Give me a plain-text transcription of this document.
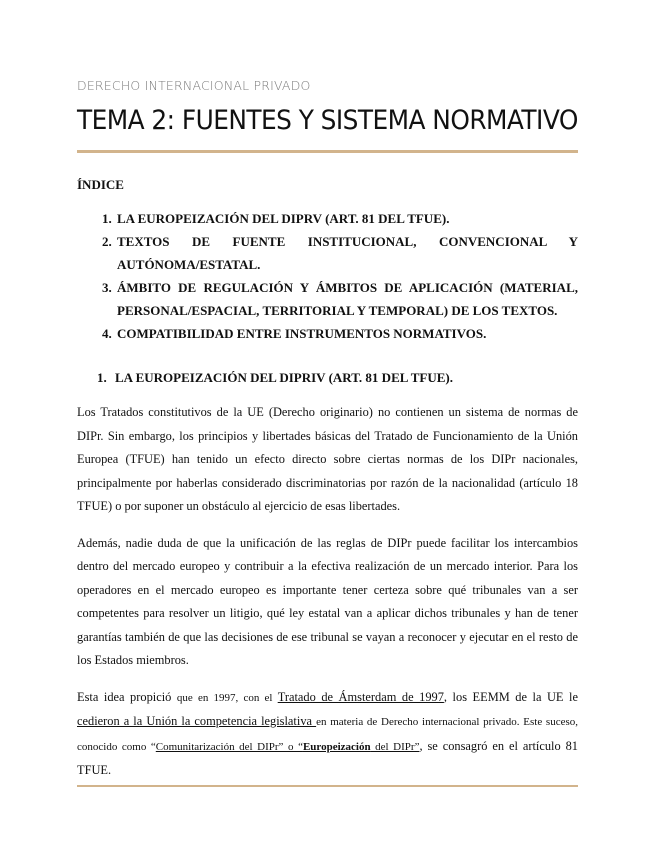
DERECHO INTERNACIONAL PRIVADO

TEMA 2: FUENTES Y SISTEMA NORMATIVO

ÍNDICE

1. LA EUROPEIZACIÓN DEL DIPRV (ART. 81 DEL TFUE).
2. TEXTOS DE FUENTE INSTITUCIONAL, CONVENCIONAL Y AUTÓNOMA/ESTATAL.
3. ÁMBITO DE REGULACIÓN Y ÁMBITOS DE APLICACIÓN (MATERIAL, PERSONAL/ESPACIAL, TERRITORIAL Y TEMPORAL) DE LOS TEXTOS.
4. COMPATIBILIDAD ENTRE INSTRUMENTOS NORMATIVOS.

1. LA EUROPEIZACIÓN DEL DIPRIV (ART. 81 DEL TFUE).

Los Tratados constitutivos de la UE (Derecho originario) no contienen un sistema de normas de DIPr. Sin embargo, los principios y libertades básicas del Tratado de Funcionamiento de la Unión Europea (TFUE) han tenido un efecto directo sobre ciertas normas de los DIPr nacionales, principalmente por haberlas considerado discriminatorias por razón de la nacionalidad (artículo 18 TFUE) o por suponer un obstáculo al ejercicio de esas libertades.

Además, nadie duda de que la unificación de las reglas de DIPr puede facilitar los intercambios dentro del mercado europeo y contribuir a la efectiva realización de un mercado interior. Para los operadores en el mercado europeo es importante tener certeza sobre qué tribunales van a ser competentes para resolver un litigio, qué ley estatal van a aplicar dichos tribunales y han de tener garantías también de que las decisiones de ese tribunal se vayan a reconocer y ejecutar en el resto de los Estados miembros.

Esta idea propició que en 1997, con el Tratado de Ámsterdam de 1997, los EEMM de la UE le cedieron a la Unión la competencia legislativa en materia de Derecho internacional privado. Este suceso, conocido como “Comunitarización del DIPr” o “Europeización del DIPr”, se consagró en el artículo 81 TFUE.
